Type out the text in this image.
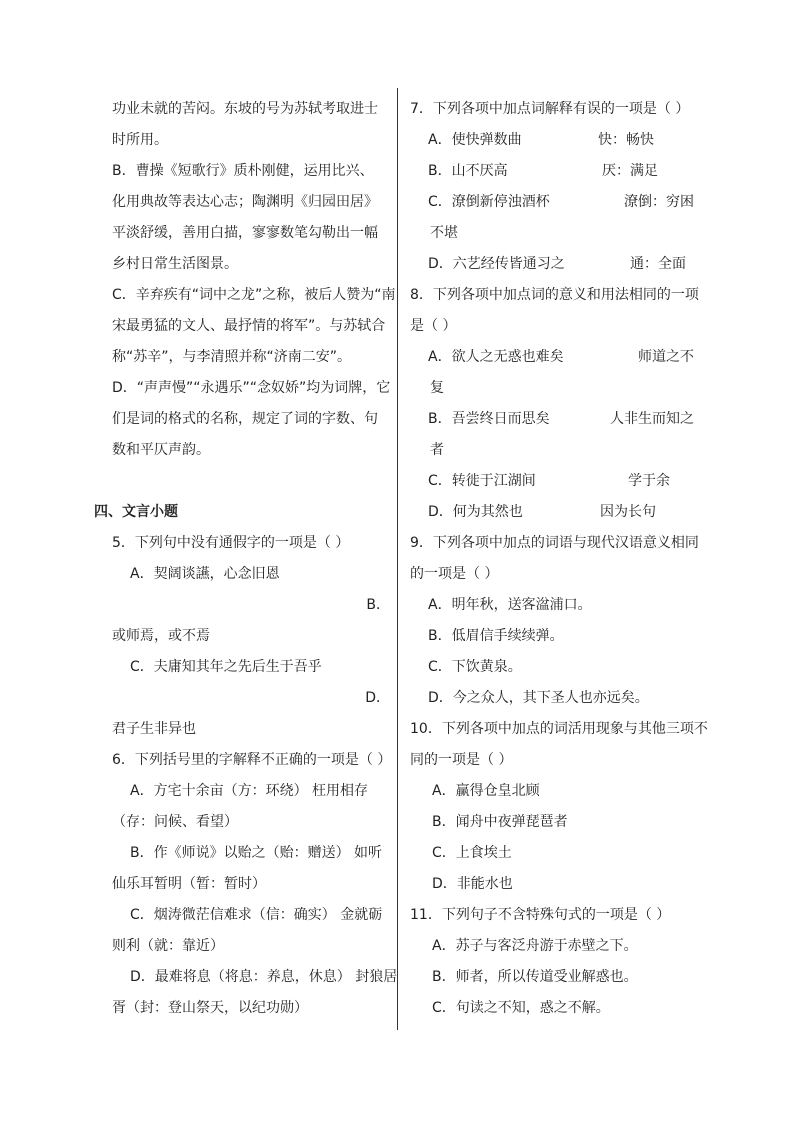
功业未就的苦闷。东坡的号为苏轼考取进士
时所用。
B．曹操《短歌行》质朴刚健，运用比兴、
化用典故等表达心志；陶渊明《归园田居》
平淡舒缓，善用白描，寥寥数笔勾勒出一幅
乡村日常生活图景。
C．辛弃疾有“词中之龙”之称，被后人赞为“南
宋最勇猛的文人、最抒情的将军”。与苏轼合
称“苏辛”，与李清照并称“济南二安”。
D．“声声慢”“永遇乐”“念奴娇”均为词牌，它
们是词的格式的名称，规定了词的字数、句
数和平仄声韵。
四、文言小题
5．下列句中没有通假字的一项是（ ）
A．契阔谈讌，心念旧恩
B．
或师焉，或不焉
C．夫庸知其年之先后生于吾乎
D．
君子生非异也
6．下列括号里的字解释不正确的一项是（ ）
A．方宅十余亩（方：环绕） 枉用相存
（存：问候、看望）
B．作《师说》以贻之（贻：赠送） 如听
仙乐耳暂明（暂：暂时）
C．烟涛微茫信难求（信：确实） 金就砺
则利（就：靠近）
D．最难将息（将息：养息，休息） 封狼居
胥（封：登山祭天，以纪功勋）
7．下列各项中加点词解释有误的一项是（ ）
A．使快弹数曲	快：畅快
B．山不厌高	厌：满足
C．潦倒新停浊酒杯	潦倒：穷困
不堪
D．六艺经传皆通习之	通：全面
8．下列各项中加点词的意义和用法相同的一项
是（ ）
A．欲人之无惑也难矣	师道之不
复
B．吾尝终日而思矣	人非生而知之
者
C．转徙于江湖间	学于余
D．何为其然也	因为长句
9．下列各项中加点的词语与现代汉语意义相同
的一项是（ ）
A．明年秋，送客湓浦口。
B．低眉信手续续弹。
C．下饮黄泉。
D．今之众人，其下圣人也亦远矣。
10．下列各项中加点的词活用现象与其他三项不
同的一项是（ ）
A．赢得仓皇北顾
B．闻舟中夜弹琵琶者
C．上食埃土
D．非能水也
11．下列句子不含特殊句式的一项是（ ）
A．苏子与客泛舟游于赤壁之下。
B．师者，所以传道受业解惑也。
C．句读之不知，惑之不解。
